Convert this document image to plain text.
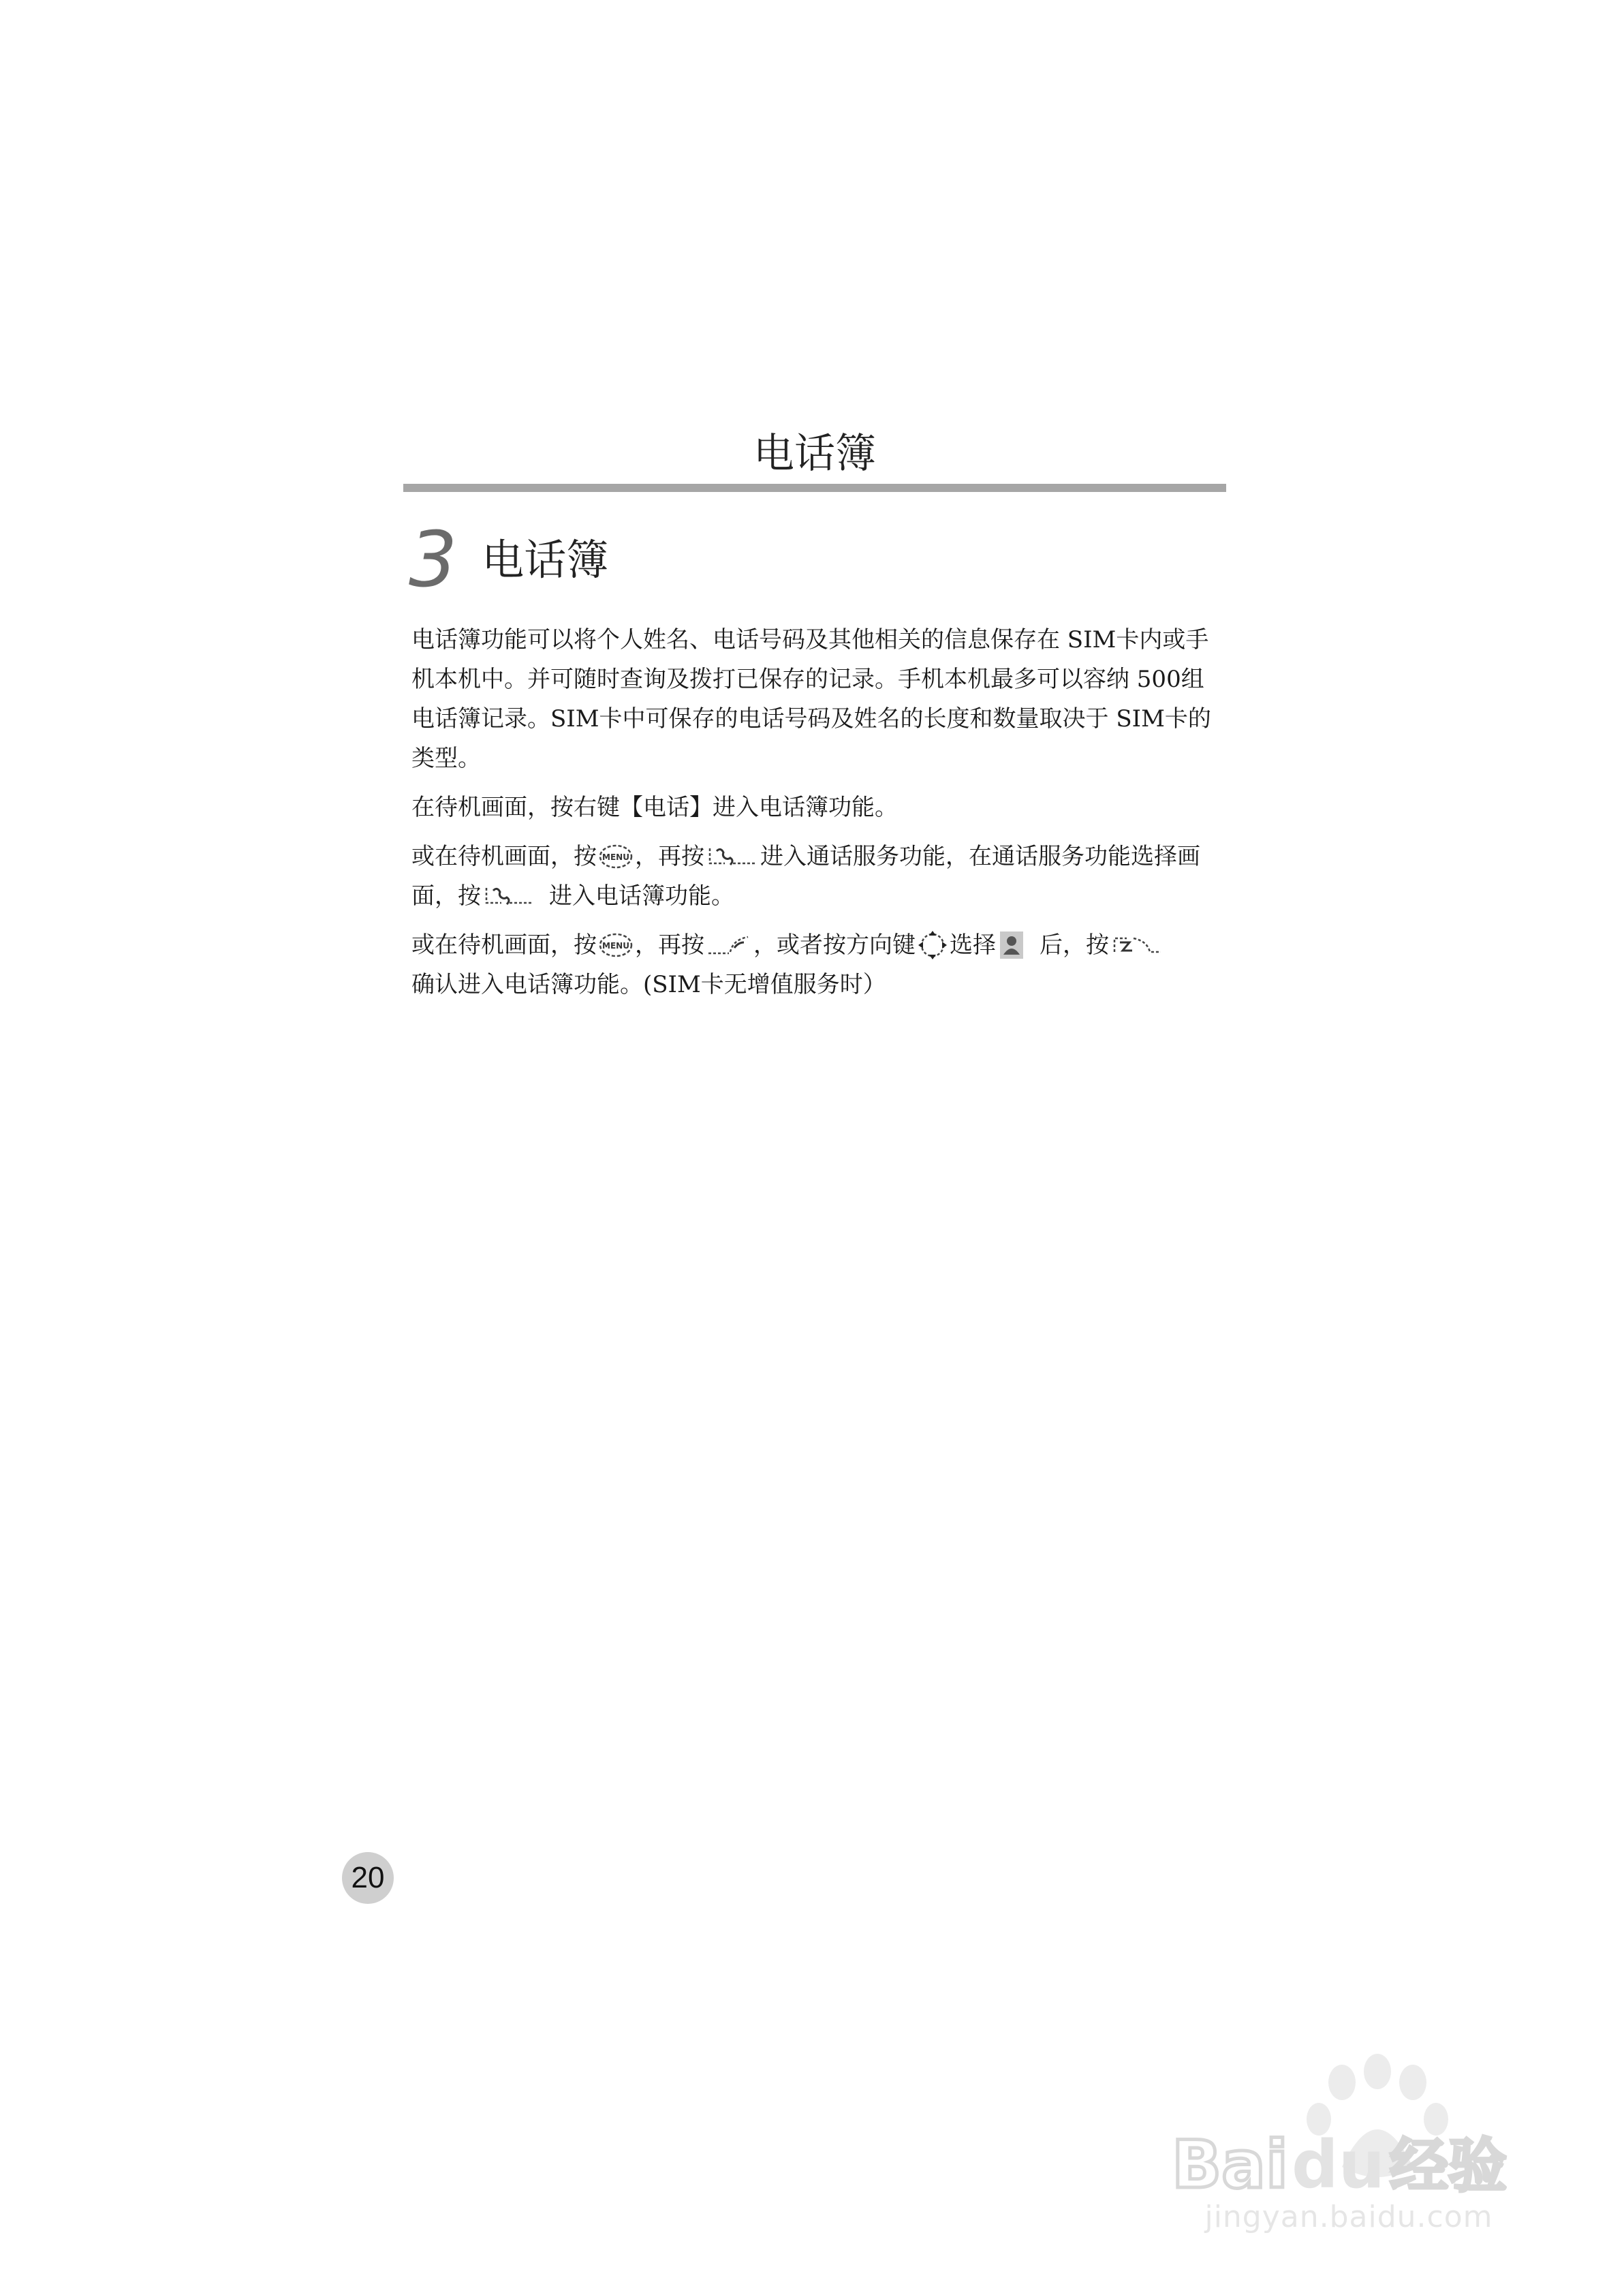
电话簿
3 电话簿

电话簿功能可以将个人姓名、电话号码及其他相关的信息保存在 SIM卡内或手机本机中。并可随时查询及拨打已保存的记录。手机本机最多可以容纳 500组电话簿记录。SIM卡中可保存的电话号码及姓名的长度和数量取决于 SIM卡的类型。

在待机画面，按右键【电话】进入电话簿功能。

或在待机画面，按 MENU ，再按 进入通话服务功能，在通话服务功能选择画面，按	进入电话簿功能。

或在待机画面，按 MENU ，再按 ，或者按方向键 选择 后，按

确认进入电话簿功能。(SIM卡无增值服务时）

20
Bai du 经验
jingyan.baidu.com
